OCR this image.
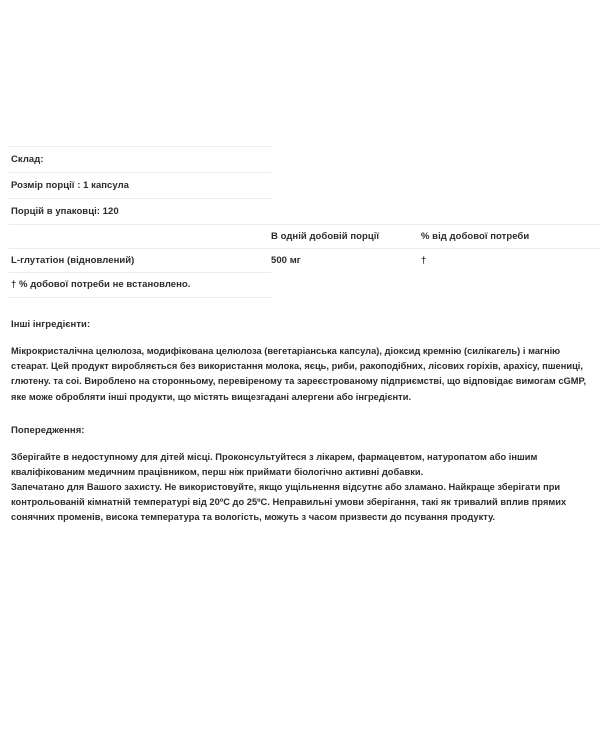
Склад:		
Розмір порції : 1 капсула		
Порцій в упаковці: 120		
	В одній добовій порції	% від добової потреби
L-глутатіон (відновлений)	500 мг	†
† % добової потреби не встановлено.		
Інші інгредієнти:
Мікрокристалічна целюлоза, модифікована целюлоза (вегетаріанська капсула), діоксид кремнію (силікагель) і магнію стеарат. Цей продукт виробляється без використання молока, яєць, риби, ракоподібних, лісових горіхів, арахісу, пшениці, глютену. та соі. Вироблено на сторонньому, перевіреному та зареєстрованому підприємстві, що відповідає вимогам cGMP, яке може обробляти інші продукти, що містять вищезгадані алергени або інгредієнти.
Попередження:
Зберігайте в недоступному для дітей місці. Проконсультуйтеся з лікарем, фармацевтом, натуропатом або іншим кваліфікованим медичним працівником, перш ніж приймати біологічно активні добавки.
Запечатано для Вашого захисту. Не використовуйте, якщо ущільнення відсутнє або зламано. Найкраще зберігати при контрольованій кімнатній температурі від 20ºC до 25ºC. Неправильні умови зберігання, такі як тривалий вплив прямих сонячних променів, висока температура та вологість, можуть з часом призвести до псування продукту.
